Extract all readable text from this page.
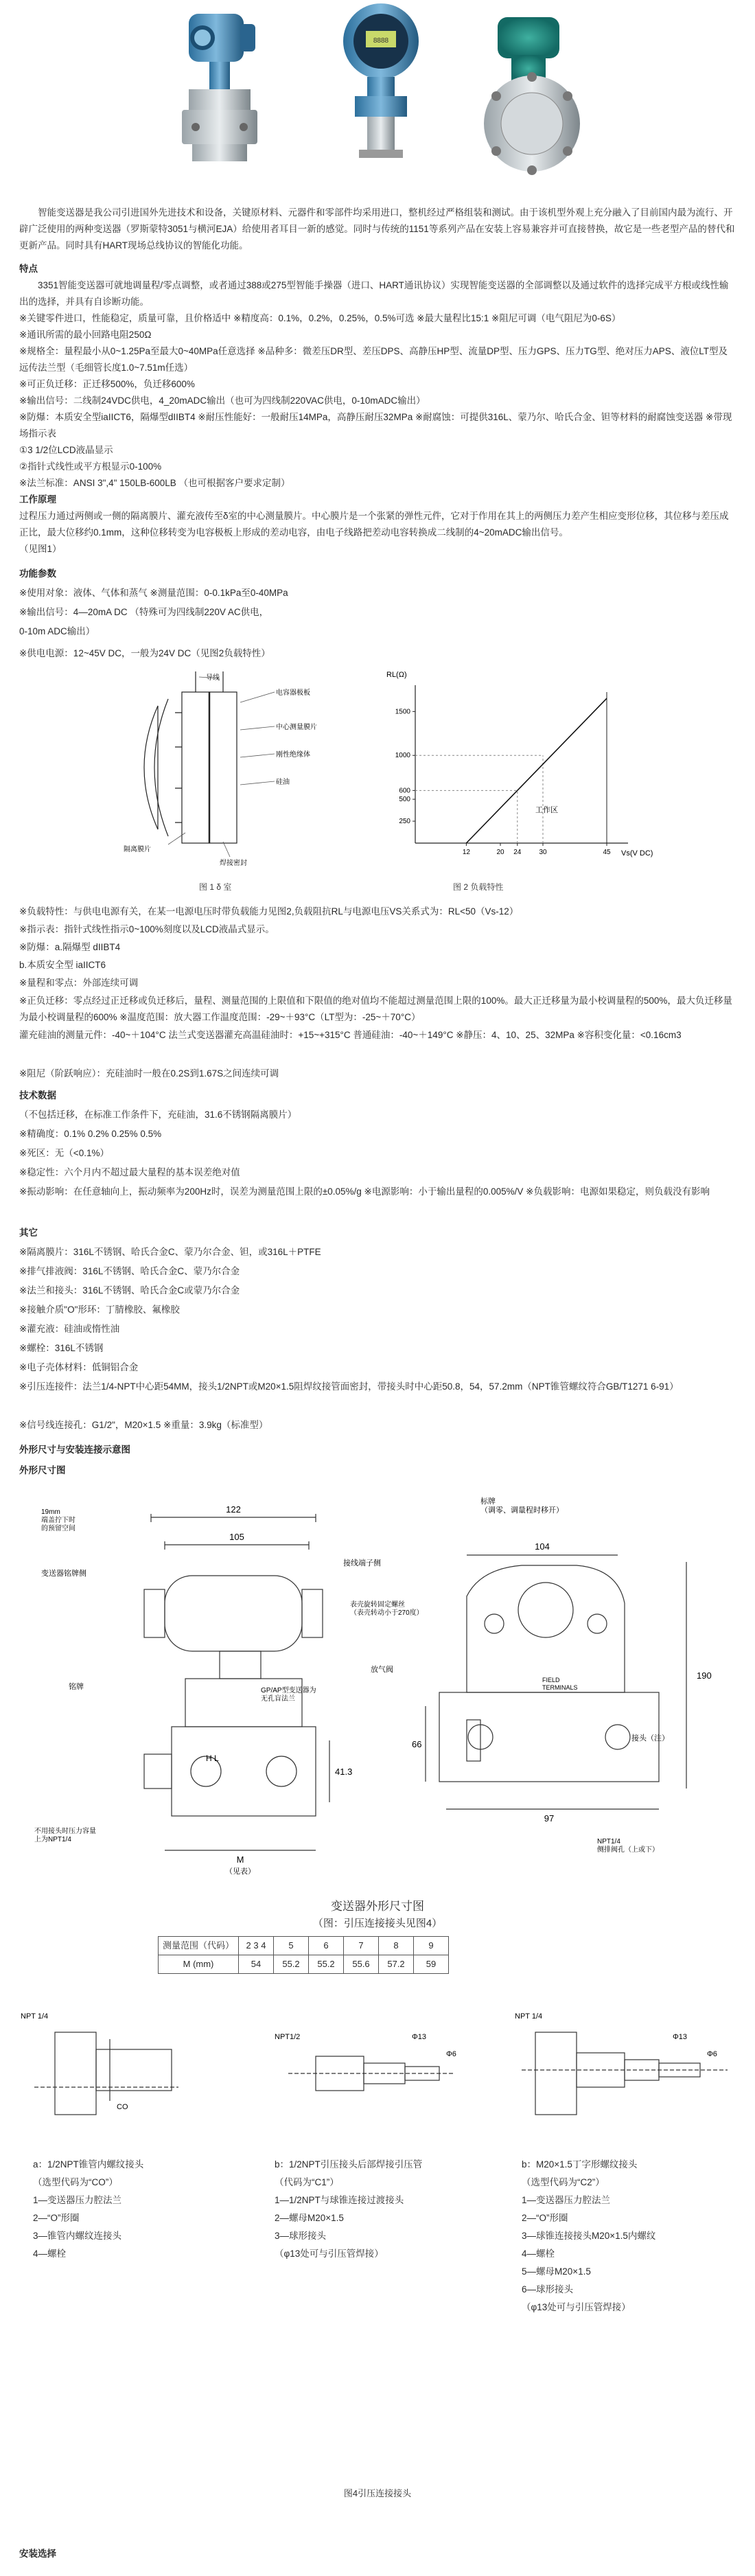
8888

智能变送器是我公司引进国外先进技术和设备，关键原材料、元器件和零部件均采用进口，整机经过严格组装和测试。由于该机型外观上充分融入了目前国内最为流行、开辟广泛使用的两种变送器（罗斯蒙特3051与横河EJA）给使用者耳目一新的感觉。同时与传统的1151等系列产品在安装上容易兼容并可直接替换，故它是一些老型产品的替代和更新产品。同时具有HART现场总线协议的智能化功能。

特点

3351智能变送器可就地调量程/零点调整，或者通过388或275型智能手操器（进口、HART通讯协议）实现智能变送器的全部调整以及通过软件的选择完成平方根或线性输出的选择，并具有自诊断功能。

※关键零件进口，性能稳定，质量可靠，且价格适中 ※精度高：0.1%，0.2%，0.25%，0.5%可选 ※最大量程比15:1 ※阻尼可调（电气阻尼为0-6S）
※通讯所需的最小回路电阻250Ω

※规格全：量程最小从0~1.25Pa至最大0~40MPa任意选择 ※品种多：微差压DR型、差压DPS、高静压HP型、流量DP型、压力GPS、压力TG型、绝对压力APS、液位LT型及远传法兰型（毛细管长度1.0~7.51m任选）

※可正负迁移：正迁移500%，负迁移600%
※输出信号：二线制24VDC供电，4_20mADC输出（也可为四线制220VAC供电，0-10mADC输出）

※防爆：本质安全型iaIICT6，隔爆型dIIBT4 ※耐压性能好：一般耐压14MPa，高静压耐压32MPa ※耐腐蚀：可提供316L、蒙乃尔、哈氏合金、钽等材料的耐腐蚀变送器 ※带现场指示表

①3 1/2位LCD液晶显示
②指针式线性或平方根显示0-100%
※法兰标准：ANSI 3",4" 150LB-600LB （也可根据客户要求定制）
工作原理

过程压力通过两侧或一侧的隔离膜片、灌充液传至δ室的中心测量膜片。中心膜片是一个张紧的弹性元件，它对于作用在其上的两侧压力差产生相应变形位移，其位移与差压成正比，最大位移约0.1mm，这种位移转变为电容极板上形成的差动电容，由电子线路把差动电容转换成二线制的4~20mADC输出信号。

（见图1）
功能参数
※使用对象：液体、气体和蒸气 ※测量范围：0-0.1kPa至0-40MPa
※输出信号：4—20mA DC （特殊可为四线制220V AC供电，
0-10m ADC输出）
※供电电源：12~45V DC，一般为24V DC（见图2负载特性）
导线
电容器极板
中心测量膜片
刚性绝缘体
硅油
隔离膜片
焊接密封
图 1 δ 室
RL(Ω)
Vs(V DC)
工作区
12	20 24	30	45
250
500
600
1000
1500
图 2 负载特性
※负载特性：与供电电源有关，在某一电源电压时带负载能力见图2,负载阻抗RL与电源电压VS关系式为：RL<50（Vs-12）
※指示表：指针式线性指示0~100%刻度以及LCD液晶式显示。
※防爆：a.隔爆型 dIIBT4
b.本质安全型 iaIICT6
※量程和零点：外部连续可调

※正负迁移：零点经过正迁移或负迁移后，量程、测量范围的上限值和下限值的绝对值均不能超过测量范围上限的100%。最大正迁移量为最小校调量程的500%，最大负迁移量为最小校调量程的600% ※温度范围：放大器工作温度范围：-29~＋93°C（LT型为：-25~＋70°C）

灌充硅油的测量元件：-40~＋104°C 法兰式变送器灌充高温硅油时：+15~+315°C 普通硅油：-40~＋149°C ※静压：4、10、25、32MPa ※容积变化量：<0.16cm3

※阻尼（阶跃响应）：充硅油时一般在0.2S到1.67S之间连续可调
技术数据
（不包括迁移，在标准工作条件下，充硅油，31.6不锈钢隔离膜片）
※精确度：0.1% 0.2% 0.25% 0.5%
※死区：无（<0.1%）
※稳定性：六个月内不超过最大量程的基本误差绝对值

※振动影响：在任意轴向上，振动频率为200Hz时，误差为测量范围上限的±0.05%/g ※电源影响：小于输出量程的0.005%/V ※负载影响：电源如果稳定，则负载没有影响

其它
※隔离膜片：316L不锈钢、哈氏合金C、蒙乃尔合金、钽，或316L＋PTFE
※排气排液阀：316L不锈钢、哈氏合金C、蒙乃尔合金
※法兰和接头：316L不锈钢、哈氏合金C或蒙乃尔合金
※接触介质"O"形环：丁腈橡胶、氟橡胶
※灌充液：硅油或惰性油
※螺栓：316L不锈钢
※电子壳体材料：低铜铝合金

※引压连接件：法兰1/4-NPT中心距54MM，接头1/2NPT或M20×1.5阻焊纹接管面密封，带接头时中心距50.8，54，57.2mm（NPT锥管螺纹符合GB/T1271 6-91）

※信号线连接孔：G1/2"，M20×1.5 ※重量：3.9kg（标准型）
外形尺寸与安装连接示意图
外形尺寸图
122
105
104
190
97
66
41.3
M
（见表）
变送器铭牌侧
接线端子侧
铭牌	GP/AP型变送器为无孔盲法兰
H L
放气阀
标牌（调零、调量程时移开）
表壳旋转固定螺丝（表壳转动小于270度）
FIELD TERMINALS
接头（注）
NPT1/4 侧排阀孔（上或下）
不用接头时压力容量上为NPT1/4
19mm 端盖拧下时的预留空间
变送器外形尺寸图
（图：引压连接接头见图4）
测量范围（代码）	2 3 4	5	6	7	8	9
M (mm)	54	55.2	55.2	55.6	57.2	59
NPT 1/4
CO
NPT1/2	Φ13
Φ6
NPT 1/4
Φ13
Φ6
a：1/2NPT锥管内螺纹接头
（选型代码为“CO”）
1—变送器压力腔法兰
2—“O”形圈
3—锥管内螺纹连接头
4—螺栓
b：1/2NPT引压接头后部焊接引压管
（代码为“C1”）
1—1/2NPT与球锥连接过渡接头
2—螺母M20×1.5
3—球形接头
（φ13处可与引压管焊接）
b：M20×1.5丁字形螺纹接头
（选型代码为“C2”）
1—变送器压力腔法兰
2—“O”形圈
3—球锥连接接头M20×1.5内螺纹
4—螺栓
5—螺母M20×1.5
6—球形接头
（φ13处可与引压管焊接）
图4引压连接接头
安装选择
